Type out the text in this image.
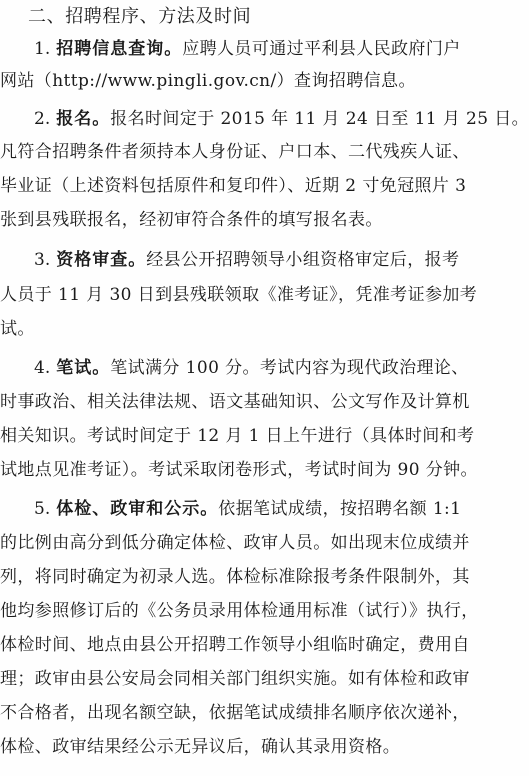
二、招聘程序、方法及时间
1. 招聘信息查询。应聘人员可通过平利县人民政府门户
网站（http://www.pingli.gov.cn/）查询招聘信息。
2. 报名。报名时间定于 2015 年 11 月 24 日至 11 月 25 日。
凡符合招聘条件者须持本人身份证、户口本、二代残疾人证、
毕业证（上述资料包括原件和复印件）、近期 2 寸免冠照片 3
张到县残联报名，经初审符合条件的填写报名表。
3. 资格审查。经县公开招聘领导小组资格审定后，报考
人员于 11 月 30 日到县残联领取《准考证》，凭准考证参加考
试。
4. 笔试。笔试满分 100 分。考试内容为现代政治理论、
时事政治、相关法律法规、语文基础知识、公文写作及计算机
相关知识。考试时间定于 12 月 1 日上午进行（具体时间和考
试地点见准考证）。考试采取闭卷形式，考试时间为 90 分钟。
5. 体检、政审和公示。依据笔试成绩，按招聘名额 1:1
的比例由高分到低分确定体检、政审人员。如出现末位成绩并
列，将同时确定为初录人选。体检标准除报考条件限制外，其
他均参照修订后的《公务员录用体检通用标准（试行）》执行，
体检时间、地点由县公开招聘工作领导小组临时确定，费用自
理；政审由县公安局会同相关部门组织实施。如有体检和政审
不合格者，出现名额空缺，依据笔试成绩排名顺序依次递补，
体检、政审结果经公示无异议后，确认其录用资格。
